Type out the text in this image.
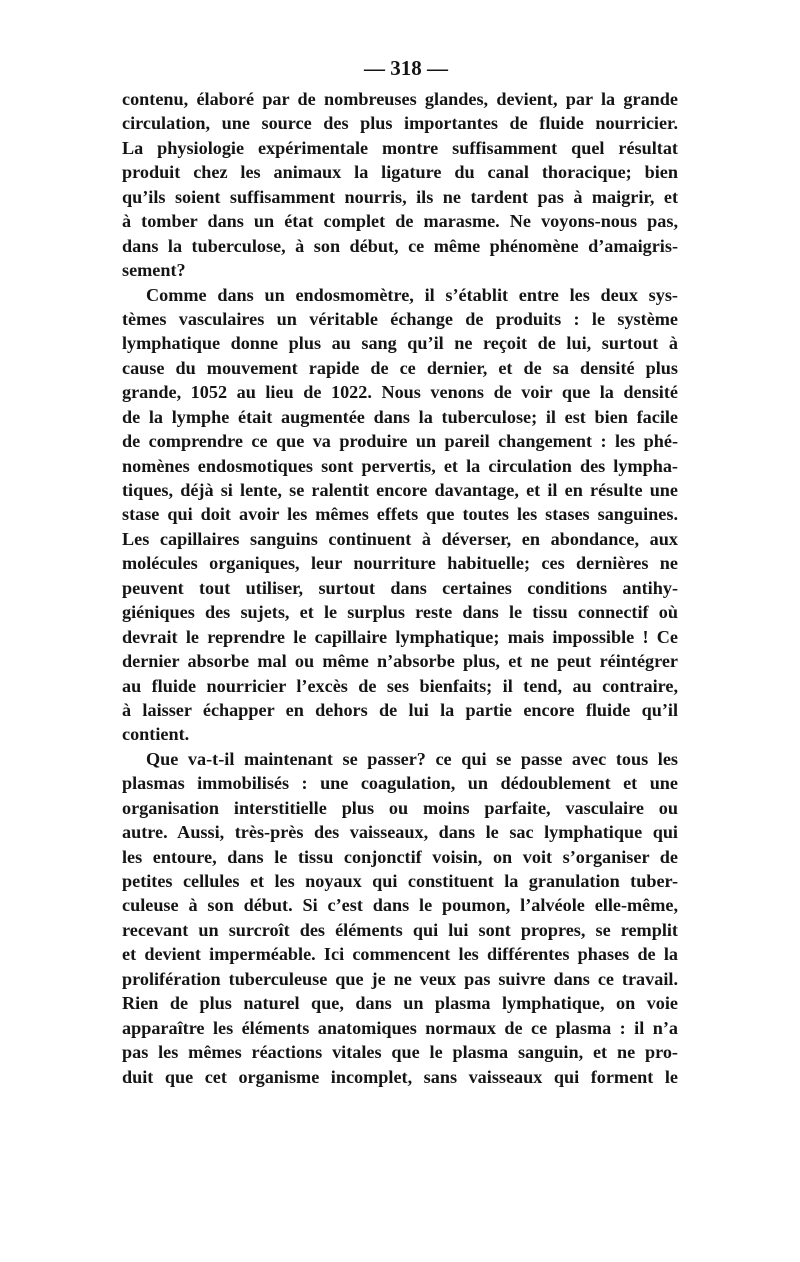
— 318 —
contenu, élaboré par de nombreuses glandes, devient, par la grande
circulation, une source des plus importantes de fluide nourricier.
La physiologie expérimentale montre suffisamment quel résultat
produit chez les animaux la ligature du canal thoracique; bien
qu’ils soient suffisamment nourris, ils ne tardent pas à maigrir, et
à tomber dans un état complet de marasme. Ne voyons-nous pas,
dans la tuberculose, à son début, ce même phénomène d’amaigris-
sement?
Comme dans un endosmomètre, il s’établit entre les deux sys-
tèmes vasculaires un véritable échange de produits : le système
lymphatique donne plus au sang qu’il ne reçoit de lui, surtout à
cause du mouvement rapide de ce dernier, et de sa densité plus
grande, 1052 au lieu de 1022. Nous venons de voir que la densité
de la lymphe était augmentée dans la tuberculose; il est bien facile
de comprendre ce que va produire un pareil changement : les phé-
nomènes endosmotiques sont pervertis, et la circulation des lympha-
tiques, déjà si lente, se ralentit encore davantage, et il en résulte une
stase qui doit avoir les mêmes effets que toutes les stases sanguines.
Les capillaires sanguins continuent à déverser, en abondance, aux
molécules organiques, leur nourriture habituelle; ces dernières ne
peuvent tout utiliser, surtout dans certaines conditions antihy-
giéniques des sujets, et le surplus reste dans le tissu connectif où
devrait le reprendre le capillaire lymphatique; mais impossible ! Ce
dernier absorbe mal ou même n’absorbe plus, et ne peut réintégrer
au fluide nourricier l’excès de ses bienfaits; il tend, au contraire,
à laisser échapper en dehors de lui la partie encore fluide qu’il
contient.
Que va-t-il maintenant se passer? ce qui se passe avec tous les
plasmas immobilisés : une coagulation, un dédoublement et une
organisation interstitielle plus ou moins parfaite, vasculaire ou
autre. Aussi, très-près des vaisseaux, dans le sac lymphatique qui
les entoure, dans le tissu conjonctif voisin, on voit s’organiser de
petites cellules et les noyaux qui constituent la granulation tuber-
culeuse à son début. Si c’est dans le poumon, l’alvéole elle-même,
recevant un surcroît des éléments qui lui sont propres, se remplit
et devient imperméable. Ici commencent les différentes phases de la
prolifération tuberculeuse que je ne veux pas suivre dans ce travail.
Rien de plus naturel que, dans un plasma lymphatique, on voie
apparaître les éléments anatomiques normaux de ce plasma : il n’a
pas les mêmes réactions vitales que le plasma sanguin, et ne pro-
duit que cet organisme incomplet, sans vaisseaux qui forment le
